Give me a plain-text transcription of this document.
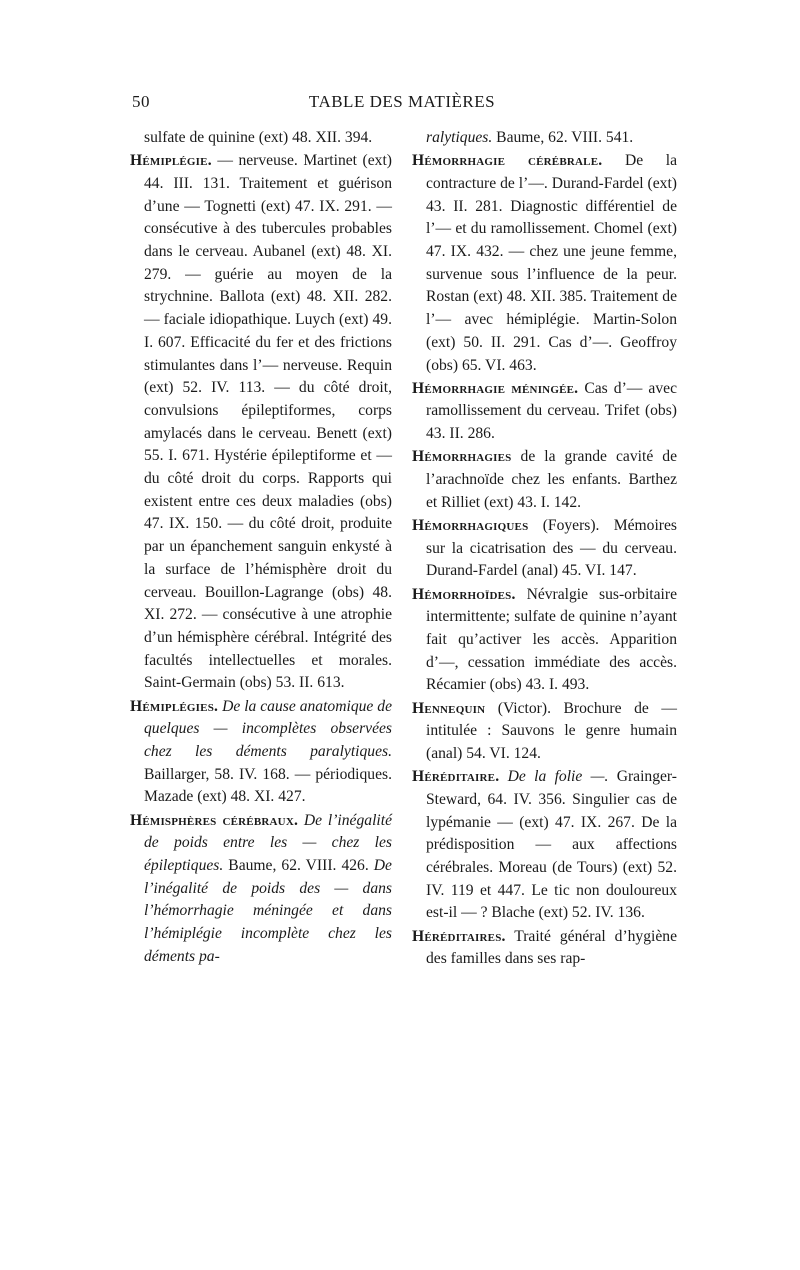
50	TABLE DES MATIÈRES

sulfate de quinine (ext) 48. XII. 394.

Hémiplégie. — nerveuse. Martinet (ext) 44. III. 131. Traitement et guérison d’une — Tognetti (ext) 47. IX. 291. — consécutive à des tubercules probables dans le cerveau. Aubanel (ext) 48. XI. 279. — guérie au moyen de la strychnine. Ballota (ext) 48. XII. 282. — faciale idiopathique. Luych (ext) 49. I. 607. Efficacité du fer et des frictions stimulantes dans l’— nerveuse. Requin (ext) 52. IV. 113. — du côté droit, convulsions épileptiformes, corps amylacés dans le cerveau. Benett (ext) 55. I. 671. Hystérie épileptiforme et — du côté droit du corps. Rapports qui existent entre ces deux maladies (obs) 47. IX. 150. — du côté droit, produite par un épanchement sanguin enkysté à la surface de l’hémisphère droit du cerveau. Bouillon-Lagrange (obs) 48. XI. 272. — consécutive à une atrophie d’un hémisphère cérébral. Intégrité des facultés intellectuelles et morales. Saint-Germain (obs) 53. II. 613.

Hémiplégies. De la cause anatomique de quelques — incomplètes observées chez les déments paralytiques. Baillarger, 58. IV. 168. — périodiques. Mazade (ext) 48. XI. 427.

Hémisphères cérébraux. De l’inégalité de poids entre les — chez les épileptiques. Baume, 62. VIII. 426. De l’inégalité de poids des — dans l’hémorrhagie méningée et dans l’hémiplégie incomplète chez les déments pa-

ralytiques. Baume, 62. VIII. 541.

Hémorrhagie cérébrale. De la contracture de l’—. Durand-Fardel (ext) 43. II. 281. Diagnostic différentiel de l’— et du ramollissement. Chomel (ext) 47. IX. 432. — chez une jeune femme, survenue sous l’influence de la peur. Rostan (ext) 48. XII. 385. Traitement de l’— avec hémiplégie. Martin-Solon (ext) 50. II. 291. Cas d’—. Geoffroy (obs) 65. VI. 463.

Hémorrhagie méningée. Cas d’— avec ramollissement du cerveau. Trifet (obs) 43. II. 286.

Hémorrhagies de la grande cavité de l’arachnoïde chez les enfants. Barthez et Rilliet (ext) 43. I. 142.

Hémorrhagiques (Foyers). Mémoires sur la cicatrisation des — du cerveau. Durand-Fardel (anal) 45. VI. 147.

Hémorrhoïdes. Névralgie sus-orbitaire intermittente; sulfate de quinine n’ayant fait qu’activer les accès. Apparition d’—, cessation immédiate des accès. Récamier (obs) 43. I. 493.

Hennequin (Victor). Brochure de — intitulée : Sauvons le genre humain (anal) 54. VI. 124.

Héréditaire. De la folie —. Grainger-Steward, 64. IV. 356. Singulier cas de lypémanie — (ext) 47. IX. 267. De la prédisposition — aux affections cérébrales. Moreau (de Tours) (ext) 52. IV. 119 et 447. Le tic non douloureux est-il — ? Blache (ext) 52. IV. 136.

Héréditaires. Traité général d’hygiène des familles dans ses rap-
